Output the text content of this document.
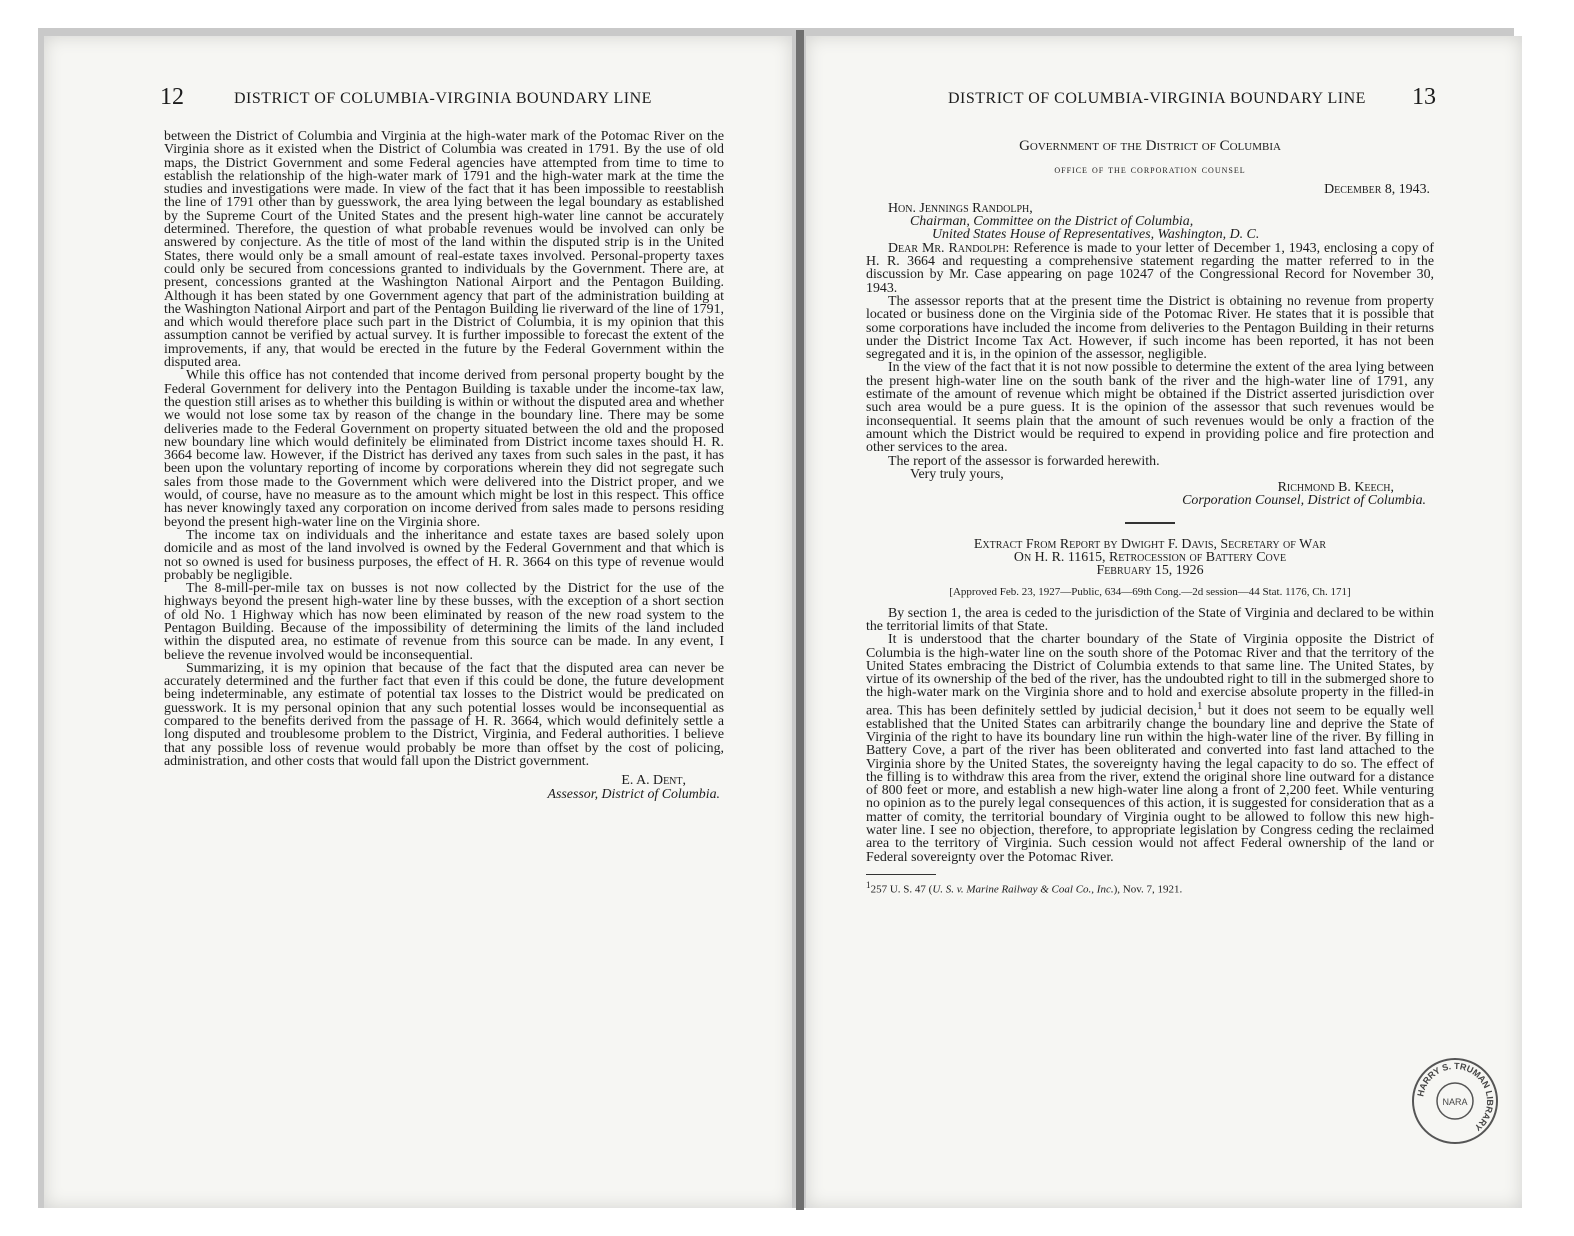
12	DISTRICT OF COLUMBIA-VIRGINIA BOUNDARY LINE

between the District of Columbia and Virginia at the high-water mark of the Potomac River on the Virginia shore as it existed when the District of Columbia was created in 1791. By the use of old maps, the District Government and some Federal agencies have attempted from time to time to establish the relationship of the high-water mark of 1791 and the high-water mark at the time the studies and investigations were made. In view of the fact that it has been impossible to reestablish the line of 1791 other than by guesswork, the area lying between the legal boundary as established by the Supreme Court of the United States and the present high-water line cannot be accurately determined. Therefore, the question of what probable revenues would be involved can only be answered by conjecture. As the title of most of the land within the disputed strip is in the United States, there would only be a small amount of real-estate taxes involved. Personal-property taxes could only be secured from concessions granted to individuals by the Government. There are, at present, concessions granted at the Washington National Airport and the Pentagon Building. Although it has been stated by one Government agency that part of the administration building at the Washington National Airport and part of the Pentagon Building lie riverward of the line of 1791, and which would therefore place such part in the District of Columbia, it is my opinion that this assumption cannot be verified by actual survey. It is further impossible to forecast the extent of the improvements, if any, that would be erected in the future by the Federal Government within the disputed area.

While this office has not contended that income derived from personal property bought by the Federal Government for delivery into the Pentagon Building is taxable under the income-tax law, the question still arises as to whether this building is within or without the disputed area and whether we would not lose some tax by reason of the change in the boundary line. There may be some deliveries made to the Federal Government on property situated between the old and the proposed new boundary line which would definitely be eliminated from District income taxes should H. R. 3664 become law. However, if the District has derived any taxes from such sales in the past, it has been upon the voluntary reporting of income by corporations wherein they did not segregate such sales from those made to the Government which were delivered into the District proper, and we would, of course, have no measure as to the amount which might be lost in this respect. This office has never knowingly taxed any corporation on income derived from sales made to persons residing beyond the present high-water line on the Virginia shore.

The income tax on individuals and the inheritance and estate taxes are based solely upon domicile and as most of the land involved is owned by the Federal Government and that which is not so owned is used for business purposes, the effect of H. R. 3664 on this type of revenue would probably be negligible.

The 8-mill-per-mile tax on busses is not now collected by the District for the use of the highways beyond the present high-water line by these busses, with the exception of a short section of old No. 1 Highway which has now been eliminated by reason of the new road system to the Pentagon Building. Because of the impossibility of determining the limits of the land included within the disputed area, no estimate of revenue from this source can be made. In any event, I believe the revenue involved would be inconsequential.

Summarizing, it is my opinion that because of the fact that the disputed area can never be accurately determined and the further fact that even if this could be done, the future development being indeterminable, any estimate of potential tax losses to the District would be predicated on guesswork. It is my personal opinion that any such potential losses would be inconsequential as compared to the benefits derived from the passage of H. R. 3664, which would definitely settle a long disputed and troublesome problem to the District, Virginia, and Federal authorities. I believe that any possible loss of revenue would probably be more than offset by the cost of policing, administration, and other costs that would fall upon the District government.

E. A. Dent,

Assessor, District of Columbia.

DISTRICT OF COLUMBIA-VIRGINIA BOUNDARY LINE 13

Government of the District of Columbia

office of the corporation counsel

December 8, 1943.

Hon. Jennings Randolph,

Chairman, Committee on the District of Columbia,

United States House of Representatives, Washington, D. C.

Dear Mr. Randolph: Reference is made to your letter of December 1, 1943, enclosing a copy of H. R. 3664 and requesting a comprehensive statement regarding the matter referred to in the discussion by Mr. Case appearing on page 10247 of the Congressional Record for November 30, 1943.

The assessor reports that at the present time the District is obtaining no revenue from property located or business done on the Virginia side of the Potomac River. He states that it is possible that some corporations have included the income from deliveries to the Pentagon Building in their returns under the District Income Tax Act. However, if such income has been reported, it has not been segregated and it is, in the opinion of the assessor, negligible.

In the view of the fact that it is not now possible to determine the extent of the area lying between the present high-water line on the south bank of the river and the high-water line of 1791, any estimate of the amount of revenue which might be obtained if the District asserted jurisdiction over such area would be a pure guess. It is the opinion of the assessor that such revenues would be inconsequential. It seems plain that the amount of such revenues would be only a fraction of the amount which the District would be required to expend in providing police and fire protection and other services to the area.

The report of the assessor is forwarded herewith.

Very truly yours,

Richmond B. Keech,

Corporation Counsel, District of Columbia.

Extract From Report by Dwight F. Davis, Secretary of War

On H. R. 11615, Retrocession of Battery Cove

February 15, 1926

[Approved Feb. 23, 1927—Public, 634—69th Cong.—2d session—44 Stat. 1176, Ch. 171]

By section 1, the area is ceded to the jurisdiction of the State of Virginia and declared to be within the territorial limits of that State.

It is understood that the charter boundary of the State of Virginia opposite the District of Columbia is the high-water line on the south shore of the Potomac River and that the territory of the United States embracing the District of Columbia extends to that same line. The United States, by virtue of its ownership of the bed of the river, has the undoubted right to till in the submerged shore to the high-water mark on the Virginia shore and to hold and exercise absolute property in the filled-in area. This has been definitely settled by judicial decision,$^1$ but it does not seem to be equally well established that the United States can arbitrarily change the boundary line and deprive the State of Virginia of the right to have its boundary line run within the high-water line of the river. By filling in Battery Cove, a part of the river has been obliterated and converted into fast land attached to the Virginia shore by the United States, the sovereignty having the legal capacity to do so. The effect of the filling is to withdraw this area from the river, extend the original shore line outward for a distance of 800 feet or more, and establish a new high-water line along a front of 2,200 feet. While venturing no opinion as to the purely legal consequences of this action, it is suggested for consideration that as a matter of comity, the territorial boundary of Virginia ought to be allowed to follow this new high-water line. I see no objection, therefore, to appropriate legislation by Congress ceding the reclaimed area to the territory of Virginia. Such cession would not affect Federal ownership of the land or Federal sovereignty over the Potomac River.

$^1$257 U. S. 47 (U. S. v. Marine Railway & Coal Co., Inc.), Nov. 7, 1921.

HARRY S. TRUMAN LIBRARY
NARA
